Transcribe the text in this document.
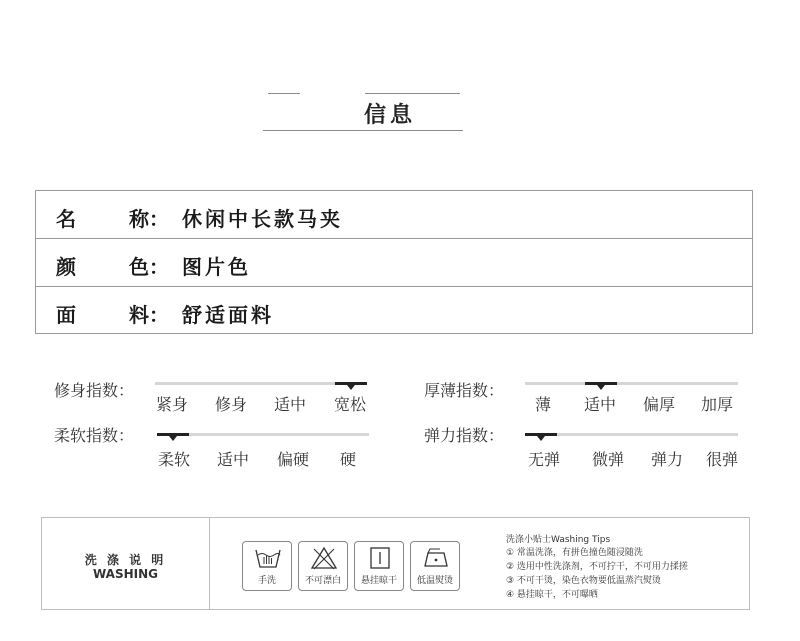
信息
名	称： 休闲中长款马夹
颜	色： 图片色
面	料： 舒适面料
修身指数：
紧身	修身	适中	宽松
厚薄指数：
薄	适中	偏厚	加厚
柔软指数：
柔软	适中	偏硬	硬
弹力指数：
无弹	微弹	弹力	很弹
洗 涤 说 明
WASHING	手洗	不可漂白	悬挂晾干	低温熨烫
洗涤小贴士Washing Tips
① 常温洗涤，有拼色撞色随浸随洗
② 选用中性洗涤剂，不可拧干，不可用力揉搓
③ 不可干烫，染色衣物要低温蒸汽熨烫
④ 悬挂晾干，不可曝晒
